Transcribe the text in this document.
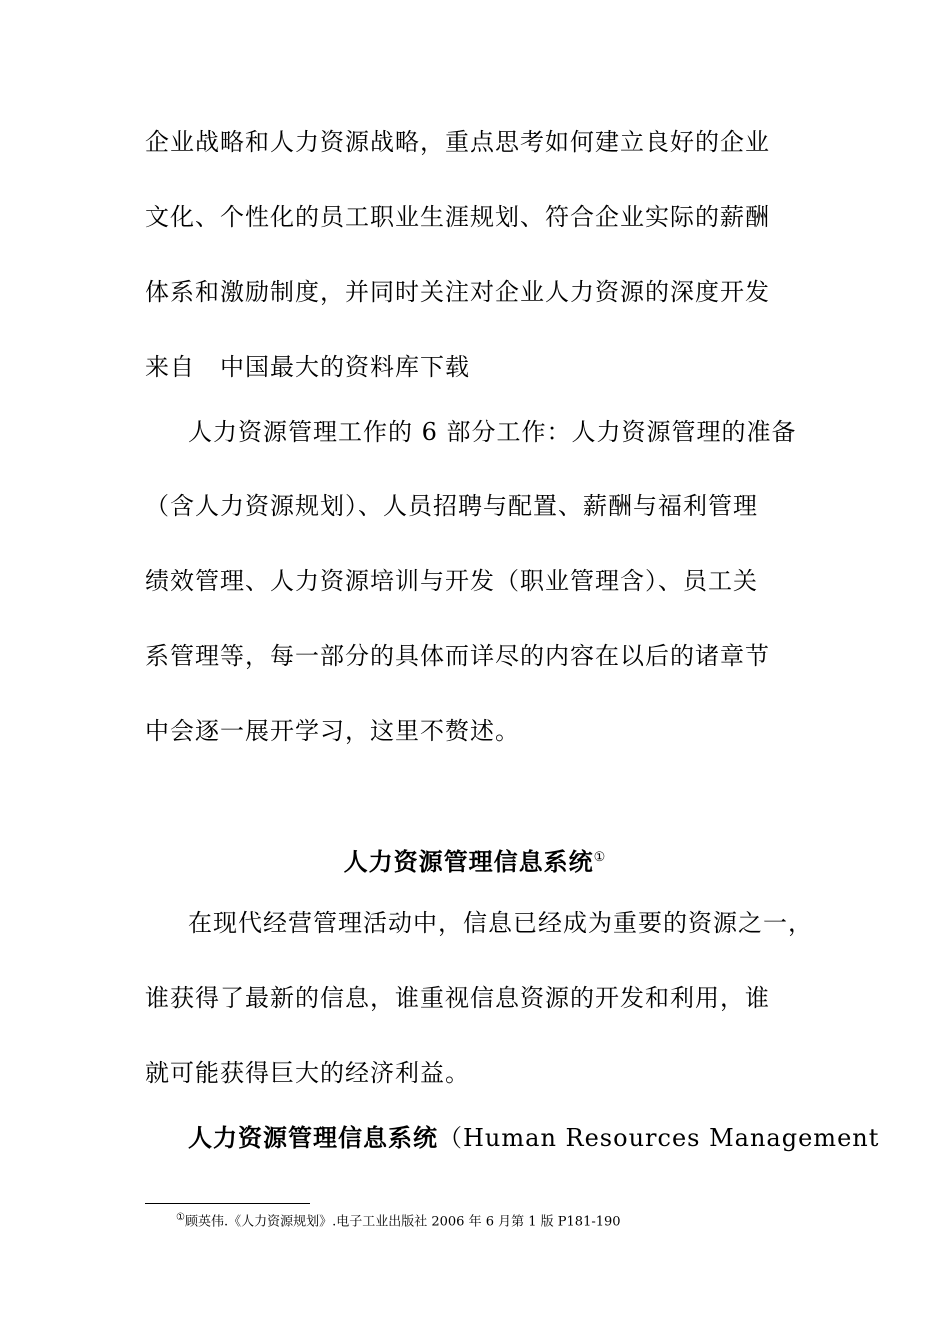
企业战略和人力资源战略，重点思考如何建立良好的企业
文化、个性化的员工职业生涯规划、符合企业实际的薪酬
体系和激励制度，并同时关注对企业人力资源的深度开发
来自　中国最大的资料库下载
人力资源管理工作的 6 部分工作：人力资源管理的准备
（含人力资源规划）、人员招聘与配置、薪酬与福利管理
绩效管理、人力资源培训与开发（职业管理含）、员工关
系管理等，每一部分的具体而详尽的内容在以后的诸章节
中会逐一展开学习，这里不赘述。
人力资源管理信息系统①
在现代经营管理活动中，信息已经成为重要的资源之一，
谁获得了最新的信息，谁重视信息资源的开发和利用，谁
就可能获得巨大的经济利益。
人力资源管理信息系统（Human Resources Management
①顾英伟.《人力资源规划》.电子工业出版社 2006 年 6 月第 1 版 P181-190
